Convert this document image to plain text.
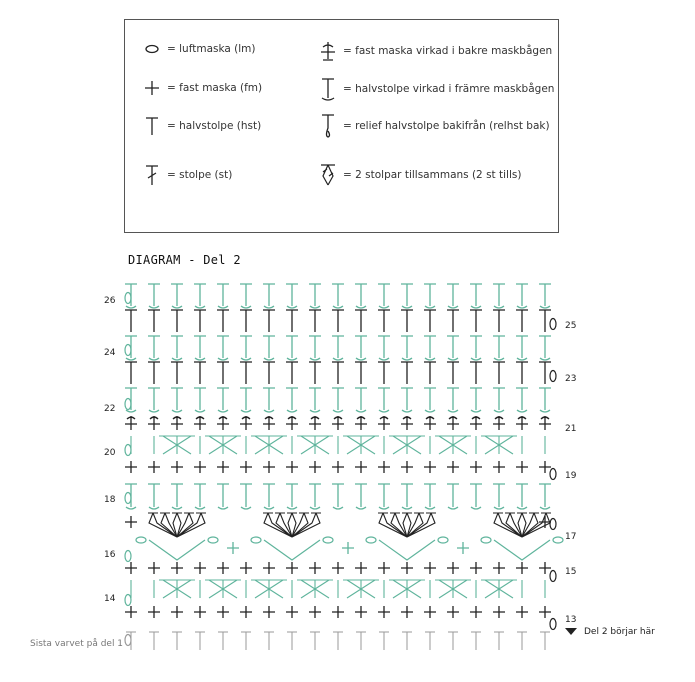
= luftmaska (lm)
= fast maska (fm)
= halvstolpe (hst)
= stolpe (st)
= fast maska virkad i bakre maskbågen
= halvstolpe virkad i främre maskbågen
= relief halvstolpe bakifrån (relhst bak)
= 2 stolpar tillsammans (2 st tills)
DIAGRAM - Del 2
26
24
22
20
18
16
14
25
23
21
19
17
15
13
Sista varvet på del 1
Del 2 börjar här
